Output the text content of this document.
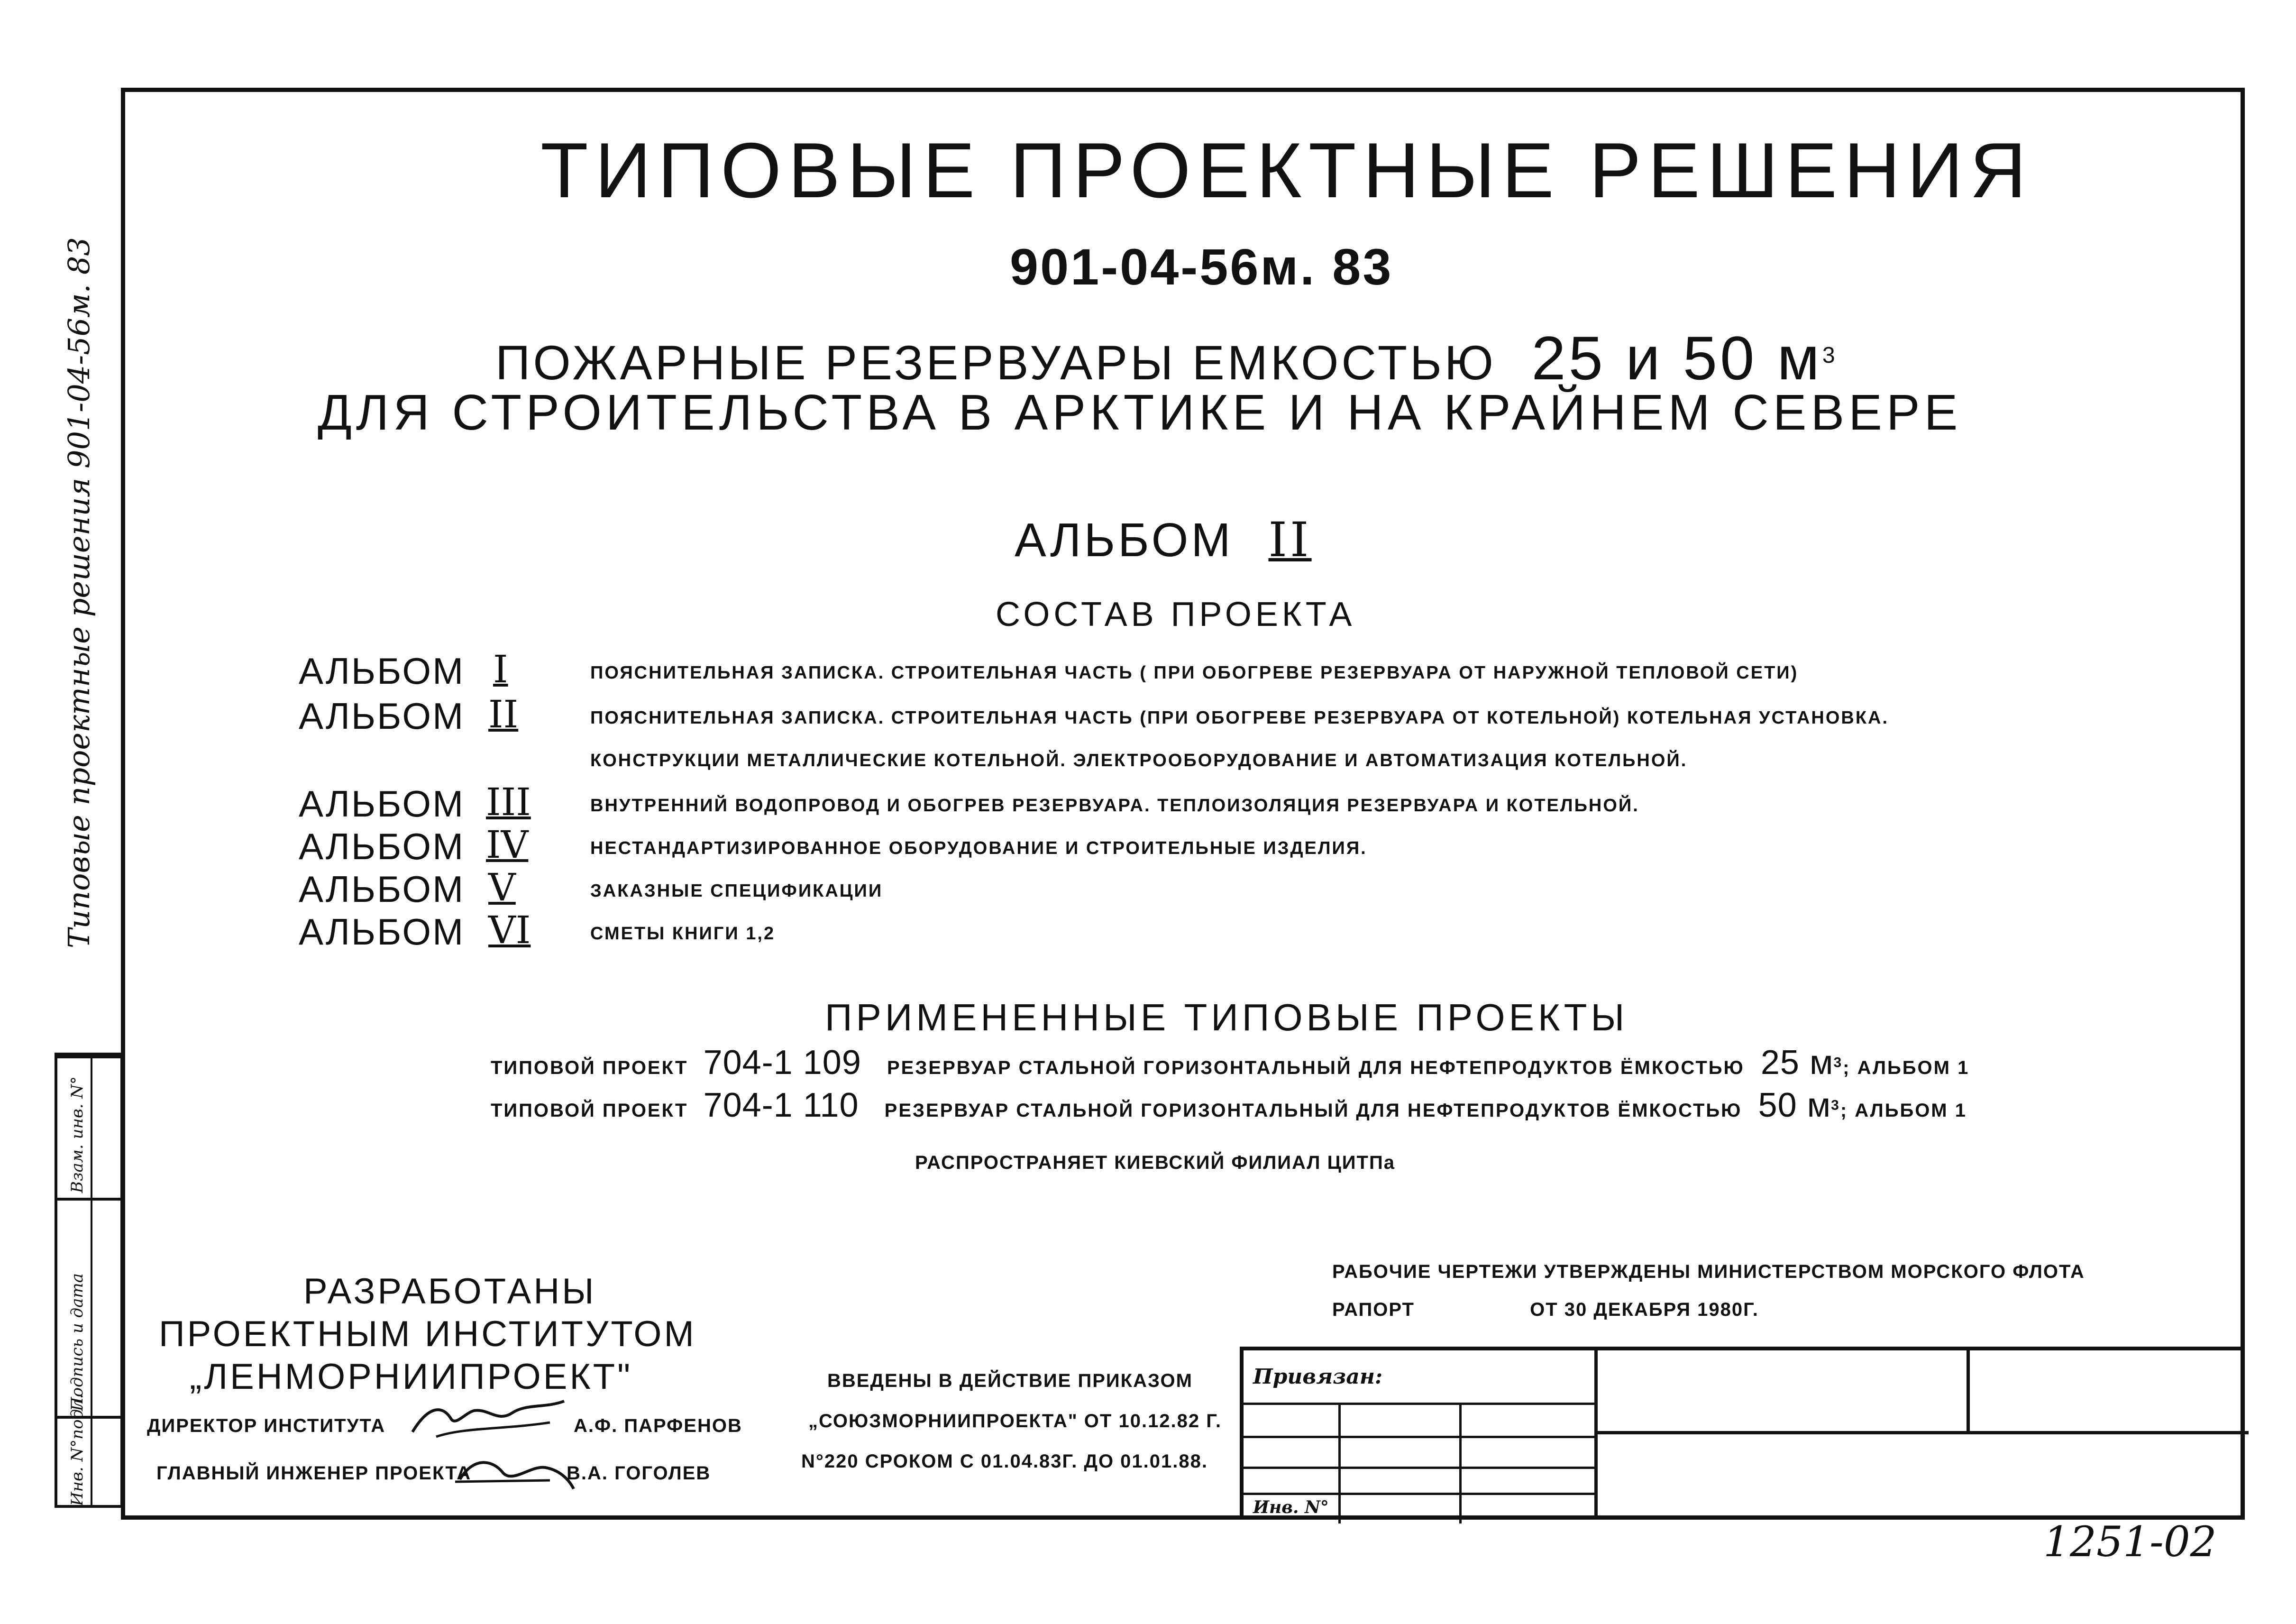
Типовые проектные решения 901-04-56м. 83
Взам. инв. N°
Подпись и дата
Инв. N°подл.
ТИПОВЫЕ ПРОЕКТНЫЕ РЕШЕНИЯ
901-04-56м. 83
ПОЖАРНЫЕ РЕЗЕРВУАРЫ ЕМКОСТЬЮ 25 и 50 $м^3$
ДЛЯ СТРОИТЕЛЬСТВА В АРКТИКЕ И НА КРАЙНЕМ СЕВЕРЕ
АЛЬБОМ II
СОСТАВ ПРОЕКТА
АЛЬБОМ I	ПОЯСНИТЕЛЬНАЯ ЗАПИСКА. СТРОИТЕЛЬНАЯ ЧАСТЬ ( ПРИ ОБОГРЕВЕ РЕЗЕРВУАРА ОТ НАРУЖНОЙ ТЕПЛОВОЙ СЕТИ)
АЛЬБОМ II	ПОЯСНИТЕЛЬНАЯ ЗАПИСКА. СТРОИТЕЛЬНАЯ ЧАСТЬ (ПРИ ОБОГРЕВЕ РЕЗЕРВУАРА ОТ КОТЕЛЬНОЙ) КОТЕЛЬНАЯ УСТАНОВКА.
КОНСТРУКЦИИ МЕТАЛЛИЧЕСКИЕ КОТЕЛЬНОЙ. ЭЛЕКТРООБОРУДОВАНИЕ И АВТОМАТИЗАЦИЯ КОТЕЛЬНОЙ.
АЛЬБОМ III	ВНУТРЕННИЙ ВОДОПРОВОД И ОБОГРЕВ РЕЗЕРВУАРА. ТЕПЛОИЗОЛЯЦИЯ РЕЗЕРВУАРА И КОТЕЛЬНОЙ.
АЛЬБОМ IV	НЕСТАНДАРТИЗИРОВАННОЕ ОБОРУДОВАНИЕ И СТРОИТЕЛЬНЫЕ ИЗДЕЛИЯ.
АЛЬБОМ V	ЗАКАЗНЫЕ СПЕЦИФИКАЦИИ
АЛЬБОМ VI	СМЕТЫ КНИГИ 1,2
ПРИМЕНЕННЫЕ ТИПОВЫЕ ПРОЕКТЫ
ТИПОВОЙ ПРОЕКТ 704-1 109 РЕЗЕРВУАР СТАЛЬНОЙ ГОРИЗОНТАЛЬНЫЙ ДЛЯ НЕФТЕПРОДУКТОВ ЁМКОСТЬЮ 25 $м^3$; АЛЬБОМ 1
ТИПОВОЙ ПРОЕКТ 704-1 110 РЕЗЕРВУАР СТАЛЬНОЙ ГОРИЗОНТАЛЬНЫЙ ДЛЯ НЕФТЕПРОДУКТОВ ЁМКОСТЬЮ 50 $м^3$; АЛЬБОМ 1
РАСПРОСТРАНЯЕТ КИЕВСКИЙ ФИЛИАЛ ЦИТПа
РАЗРАБОТАНЫ
ПРОЕКТНЫМ ИНСТИТУТОМ
„ЛЕНМОРНИИПРОЕКТ"
ДИРЕКТОР ИНСТИТУТА	А.Ф. ПАРФЕНОВ
ГЛАВНЫЙ ИНЖЕНЕР ПРОЕКТА	В.А. ГОГОЛЕВ
ВВЕДЕНЫ В ДЕЙСТВИЕ ПРИКАЗОМ
„СОЮЗМОРНИИПРОЕКТА" ОТ 10.12.82 Г.
N°220 СРОКОМ С 01.04.83Г. ДО 01.01.88.
РАБОЧИЕ ЧЕРТЕЖИ УТВЕРЖДЕНЫ МИНИСТЕРСТВОМ МОРСКОГО ФЛОТА
РАПОРТ	ОТ 30 ДЕКАБРЯ 1980Г.
Привязан:
Инв. N°
1251-02
